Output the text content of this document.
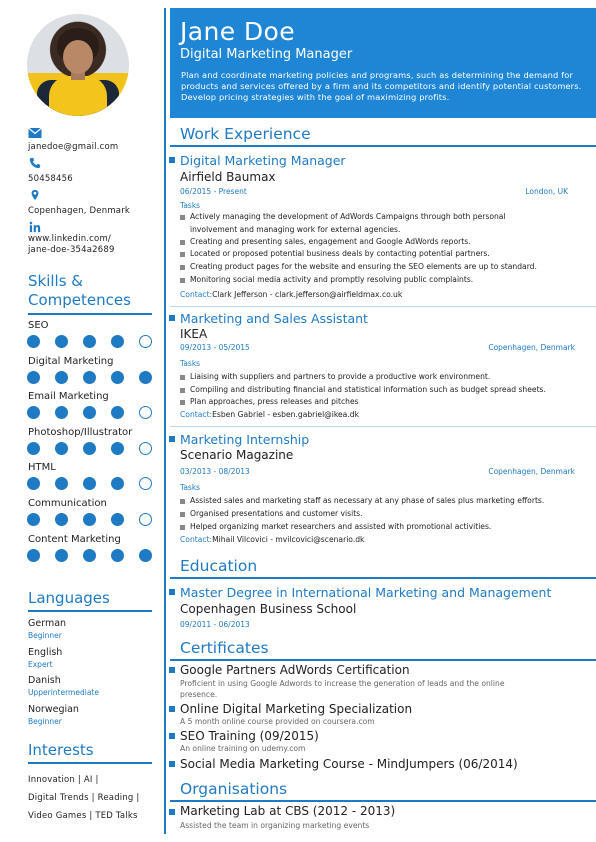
janedoe@gmail.com
50458456
Copenhagen, Denmark
www.linkedin.com/
jane-doe-354a2689
Skills &
Competences
SEO
Digital Marketing
Email Marketing
Photoshop/Illustrator
HTML
Communication
Content Marketing
Languages
German
Beginner
English
Expert
Danish
Upperintermediate
Norwegian
Beginner
Interests
Innovation | AI |
Digital Trends | Reading |
Video Games | TED Talks
Jane Doe
Digital Marketing Manager
Plan and coordinate marketing policies and programs, such as determining the demand for products and services offered by a firm and its competitors and identify potential customers. Develop pricing strategies with the goal of maximizing profits.
Work Experience
Digital Marketing Manager
Airfield Baumax
06/2015 - Present	London, UK
Tasks
Actively managing the development of AdWords Campaigns through both personal involvement and managing work for external agencies.
Creating and presenting sales, engagement and Google AdWords reports.
Located or proposed potential business deals by contacting potential partners.
Creating product pages for the website and ensuring the SEO elements are up to standard.
Monitoring social media activity and promptly resolving public complaints.
Contact:Clark Jefferson - clark.jefferson@airfieldmax.co.uk
Marketing and Sales Assistant
IKEA
09/2013 - 05/2015	Copenhagen, Denmark
Tasks
Liaising with suppliers and partners to provide a productive work environment.
Compiling and distributing financial and statistical information such as budget spread sheets.
Plan approaches, press releases and pitches
Contact:Esben Gabriel - esben.gabriel@ikea.dk
Marketing Internship
Scenario Magazine
03/2013 - 08/2013	Copenhagen, Denmark
Tasks
Assisted sales and marketing staff as necessary at any phase of sales plus marketing efforts.
Organised presentations and customer visits.
Helped organizing market researchers and assisted with promotional activities.
Contact:Mihail Vilcovici - mvilcovici@scenario.dk
Education
Master Degree in International Marketing and Management
Copenhagen Business School
09/2011 - 06/2013
Certificates
Google Partners AdWords Certification
Proficient in using Google Adwords to increase the generation of leads and the online presence.
Online Digital Marketing Specialization
A 5 month online course provided on coursera.com
SEO Training (09/2015)
An online training on udemy.com
Social Media Marketing Course - MindJumpers (06/2014)
Organisations
Marketing Lab at CBS (2012 - 2013)
Assisted the team in organizing marketing events
